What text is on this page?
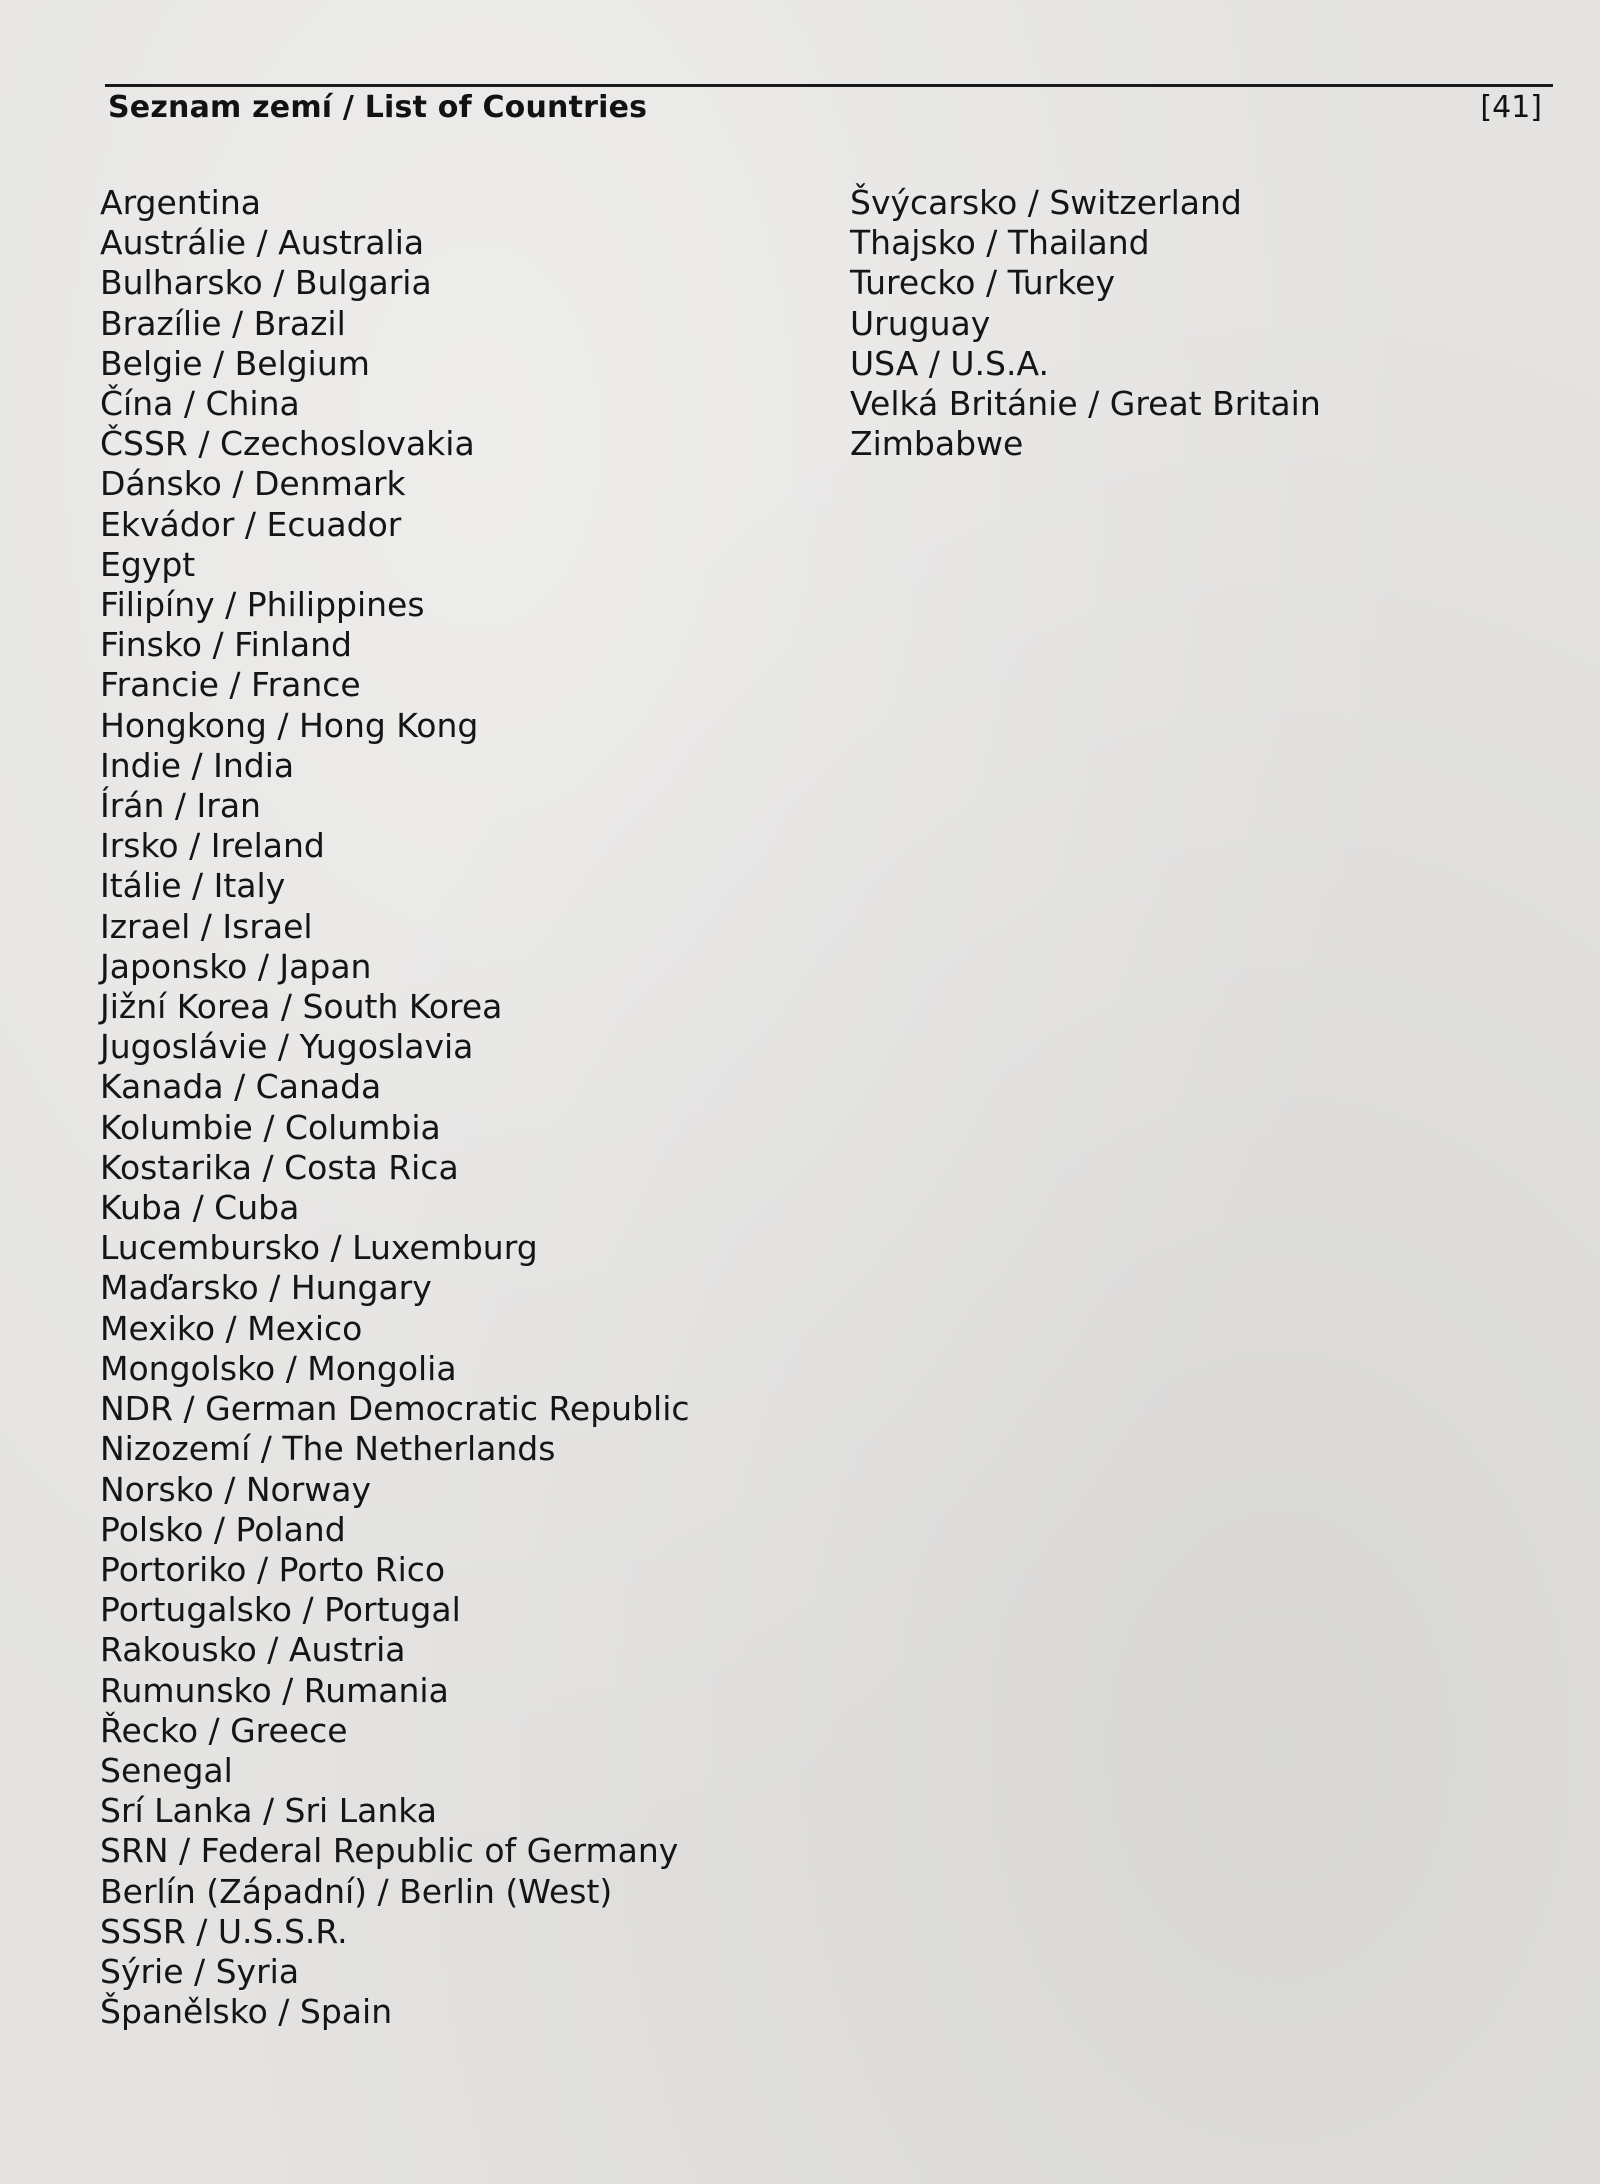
Seznam zemí / List of Countries	[41]
Argentina
Austrálie / Australia
Bulharsko / Bulgaria
Brazílie / Brazil
Belgie / Belgium
Čína / China
ČSSR / Czechoslovakia
Dánsko / Denmark
Ekvádor / Ecuador
Egypt
Filipíny / Philippines
Finsko / Finland
Francie / France
Hongkong / Hong Kong
Indie / India
Írán / Iran
Irsko / Ireland
Itálie / Italy
Izrael / Israel
Japonsko / Japan
Jižní Korea / South Korea
Jugoslávie / Yugoslavia
Kanada / Canada
Kolumbie / Columbia
Kostarika / Costa Rica
Kuba / Cuba
Lucembursko / Luxemburg
Maďarsko / Hungary
Mexiko / Mexico
Mongolsko / Mongolia
NDR / German Democratic Republic
Nizozemí / The Netherlands
Norsko / Norway
Polsko / Poland
Portoriko / Porto Rico
Portugalsko / Portugal
Rakousko / Austria
Rumunsko / Rumania
Řecko / Greece
Senegal
Srí Lanka / Sri Lanka
SRN / Federal Republic of Germany
Berlín (Západní) / Berlin (West)
SSSR / U.S.S.R.
Sýrie / Syria
Španělsko / Spain
Švýcarsko / Switzerland
Thajsko / Thailand
Turecko / Turkey
Uruguay
USA / U.S.A.
Velká Británie / Great Britain
Zimbabwe
